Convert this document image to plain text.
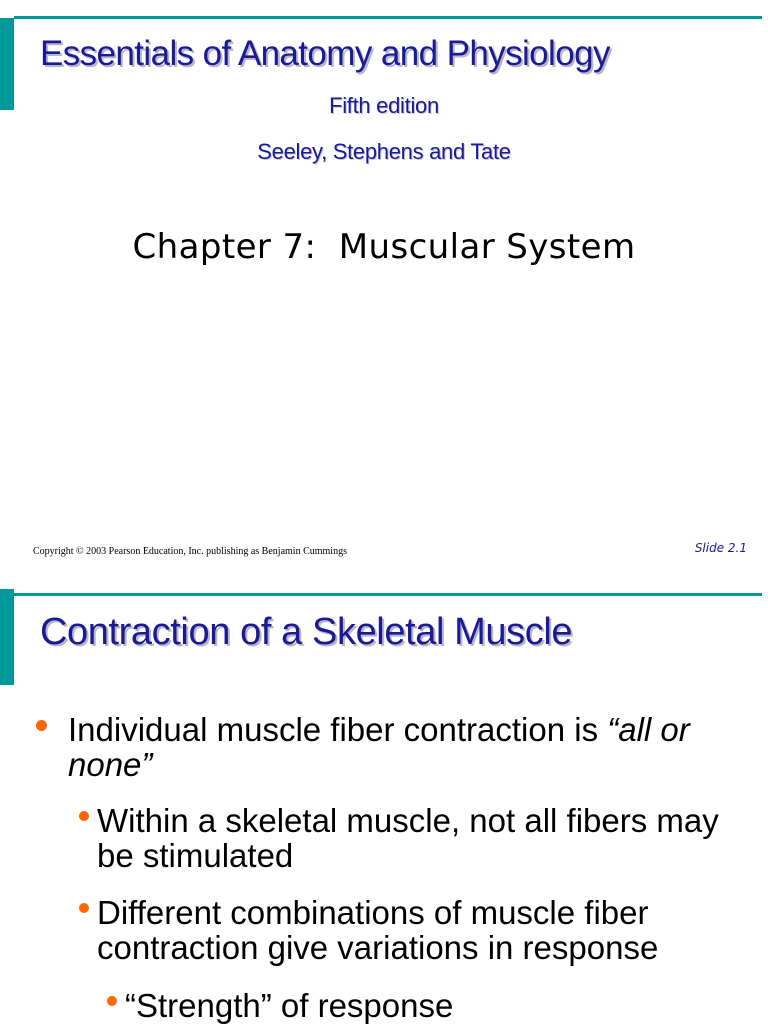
Essentials of Anatomy and Physiology
Fifth edition
Seeley, Stephens and Tate
Chapter 7:  Muscular System
Copyright © 2003 Pearson Education, Inc. publishing as Benjamin Cummings	Slide 2.1
Contraction of a Skeletal Muscle
Individual muscle fiber contraction is “all or none”
Within a skeletal muscle, not all fibers may be stimulated
Different combinations of muscle fiber contraction give variations in response
“Strength” of response
